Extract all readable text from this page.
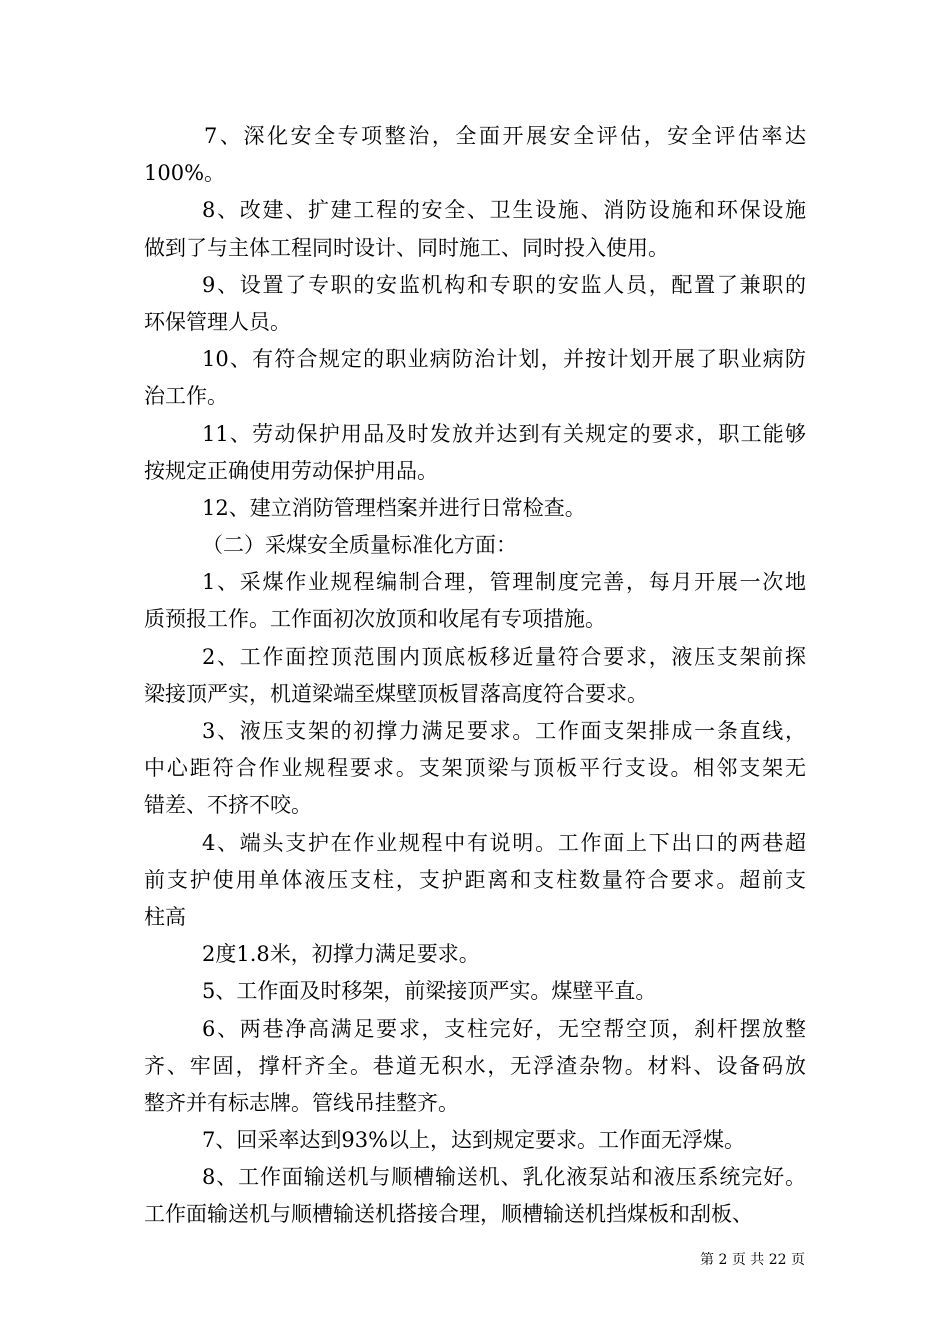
7、深化安全专项整治，全面开展安全评估，安全评估率达
100%。
8、改建、扩建工程的安全、卫生设施、消防设施和环保设施
做到了与主体工程同时设计、同时施工、同时投入使用。
9、设置了专职的安监机构和专职的安监人员，配置了兼职的
环保管理人员。
10、有符合规定的职业病防治计划，并按计划开展了职业病防
治工作。
11、劳动保护用品及时发放并达到有关规定的要求，职工能够
按规定正确使用劳动保护用品。
12、建立消防管理档案并进行日常检查。
（二）采煤安全质量标准化方面：
1、采煤作业规程编制合理，管理制度完善，每月开展一次地
质预报工作。工作面初次放顶和收尾有专项措施。
2、工作面控顶范围内顶底板移近量符合要求，液压支架前探
梁接顶严实，机道梁端至煤壁顶板冒落高度符合要求。
3、液压支架的初撑力满足要求。工作面支架排成一条直线，
中心距符合作业规程要求。支架顶梁与顶板平行支设。相邻支架无
错差、不挤不咬。
4、端头支护在作业规程中有说明。工作面上下出口的两巷超
前支护使用单体液压支柱，支护距离和支柱数量符合要求。超前支
柱高
2度1.8米，初撑力满足要求。
5、工作面及时移架，前梁接顶严实。煤壁平直。
6、两巷净高满足要求，支柱完好，无空帮空顶，刹杆摆放整
齐、牢固，撑杆齐全。巷道无积水，无浮渣杂物。材料、设备码放
整齐并有标志牌。管线吊挂整齐。
7、回采率达到93%以上，达到规定要求。工作面无浮煤。
8、工作面输送机与顺槽输送机、乳化液泵站和液压系统完好。
工作面输送机与顺槽输送机搭接合理，顺槽输送机挡煤板和刮板、
第 2 页 共 22 页
